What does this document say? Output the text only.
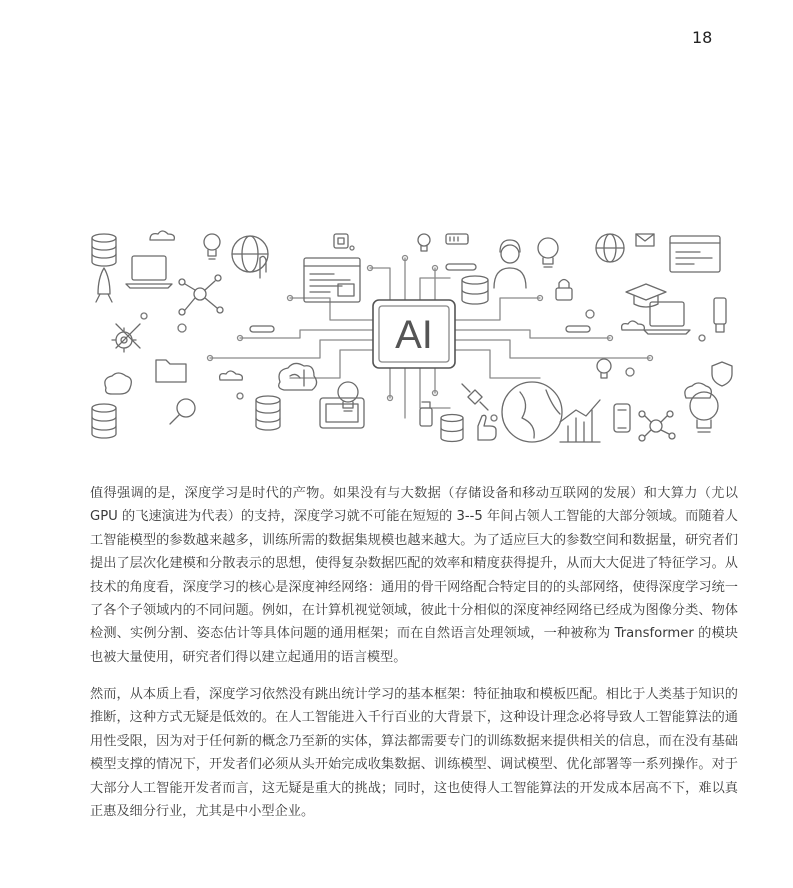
18
AI

值得强调的是，深度学习是时代的产物。如果没有与大数据（存储设备和移动互联网的发展）和大算力（尤以 GPU 的飞速演进为代表）的支持，深度学习就不可能在短短的 3--5 年间占领人工智能的大部分领域。而随着人工智能模型的参数越来越多，训练所需的数据集规模也越来越大。为了适应巨大的参数空间和数据量，研究者们提出了层次化建模和分散表示的思想，使得复杂数据匹配的效率和精度获得提升，从而大大促进了特征学习。从技术的角度看，深度学习的核心是深度神经网络：通用的骨干网络配合特定目的的头部网络，使得深度学习统一了各个子领域内的不同问题。例如，在计算机视觉领域，彼此十分相似的深度神经网络已经成为图像分类、物体检测、实例分割、姿态估计等具体问题的通用框架；而在自然语言处理领域，一种被称为 Transformer 的模块也被大量使用，研究者们得以建立起通用的语言模型。

然而，从本质上看，深度学习依然没有跳出统计学习的基本框架：特征抽取和模板匹配。相比于人类基于知识的推断，这种方式无疑是低效的。在人工智能进入千行百业的大背景下，这种设计理念必将导致人工智能算法的通用性受限，因为对于任何新的概念乃至新的实体，算法都需要专门的训练数据来提供相关的信息，而在没有基础模型支撑的情况下，开发者们必须从头开始完成收集数据、训练模型、调试模型、优化部署等一系列操作。对于大部分人工智能开发者而言，这无疑是重大的挑战；同时，这也使得人工智能算法的开发成本居高不下，难以真正惠及细分行业，尤其是中小型企业。
